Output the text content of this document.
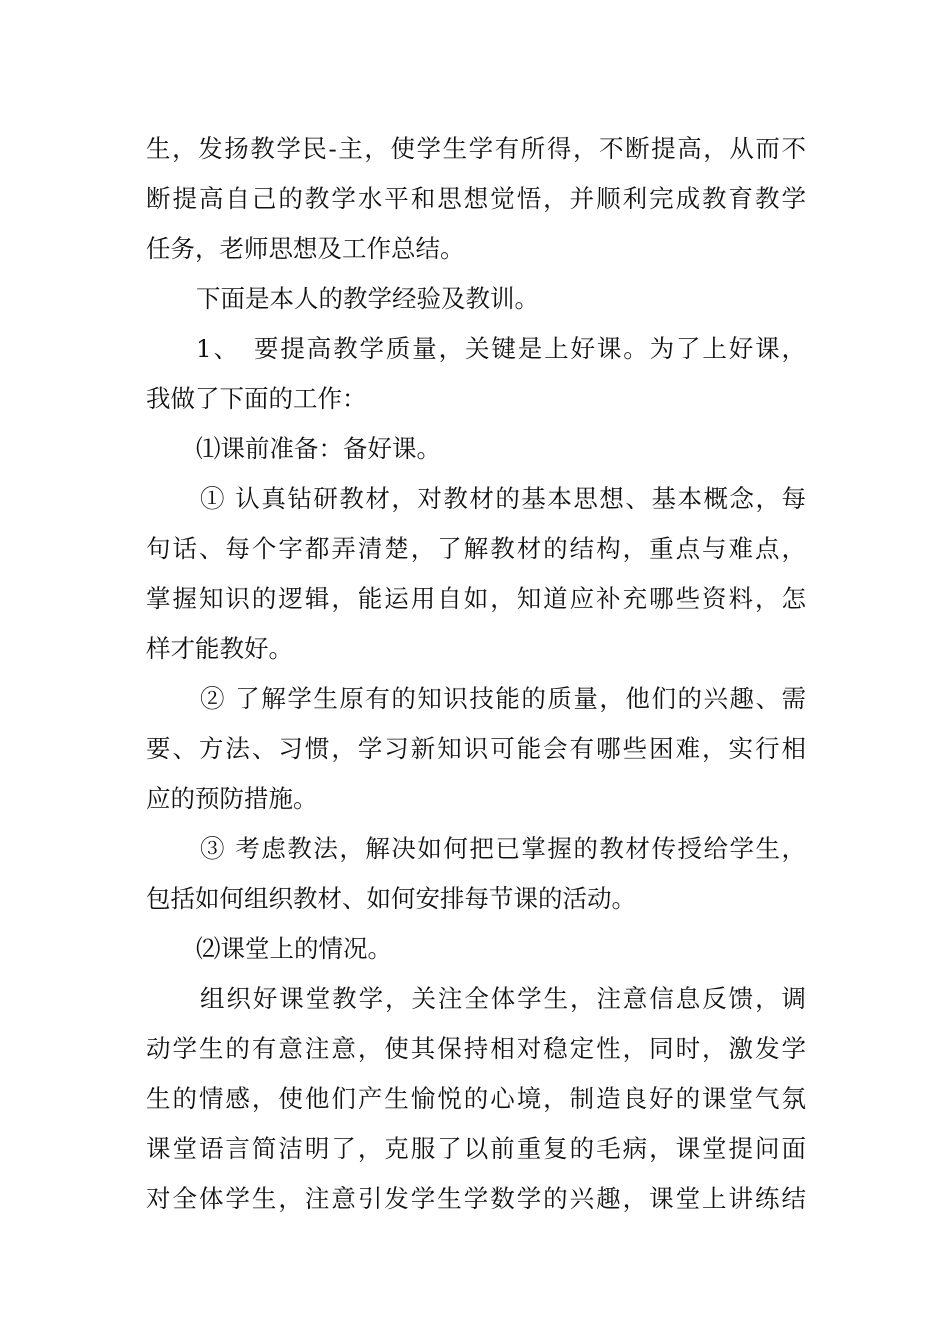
生，发扬教学民-主，使学生学有所得，不断提高，从而不
断提高自己的教学水平和思想觉悟，并顺利完成教育教学
任务，老师思想及工作总结。
下面是本人的教学经验及教训。
1、　要提高教学质量，关键是上好课。为了上好课，
我做了下面的工作：
⑴课前准备：备好课。
① 认真钻研教材，对教材的基本思想、基本概念，每
句话、每个字都弄清楚，了解教材的结构，重点与难点，
掌握知识的逻辑，能运用自如，知道应补充哪些资料，怎
样才能教好。
② 了解学生原有的知识技能的质量，他们的兴趣、需
要、方法、习惯，学习新知识可能会有哪些困难，实行相
应的预防措施。
③ 考虑教法，解决如何把已掌握的教材传授给学生，
包括如何组织教材、如何安排每节课的活动。
⑵课堂上的情况。
组织好课堂教学，关注全体学生，注意信息反馈，调
动学生的有意注意，使其保持相对稳定性，同时，激发学
生的情感，使他们产生愉悦的心境，制造良好的课堂气氛
课堂语言简洁明了，克服了以前重复的毛病，课堂提问面
对全体学生，注意引发学生学数学的兴趣，课堂上讲练结
